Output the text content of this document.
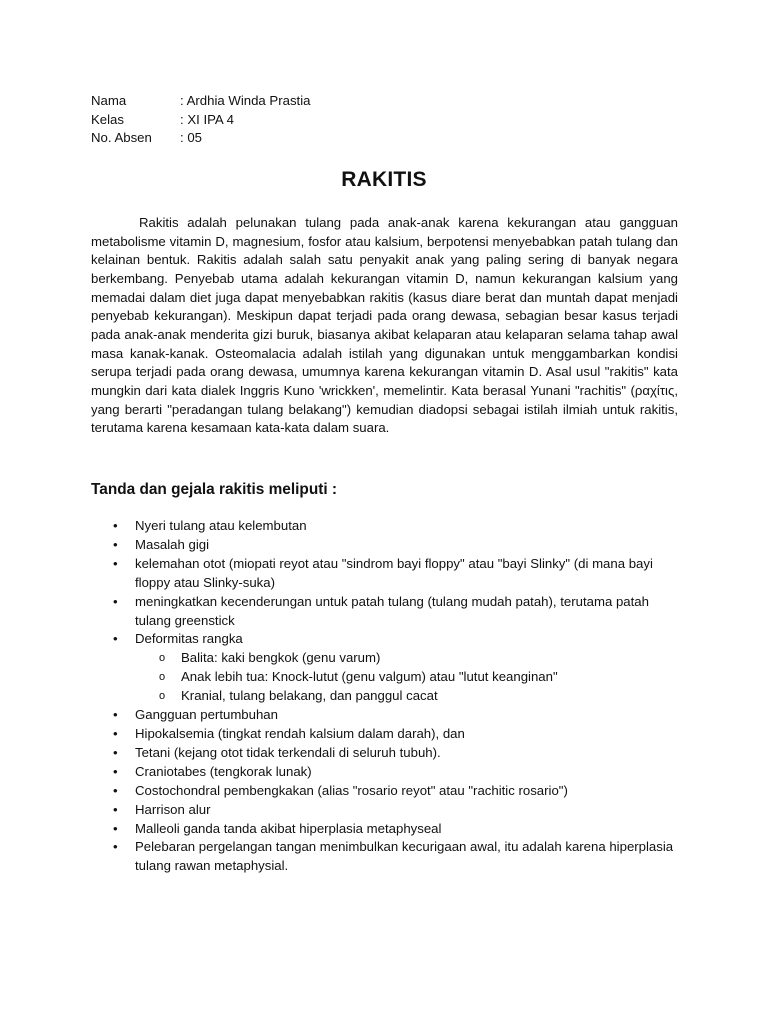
Nama	: Ardhia Winda Prastia
Kelas	: XI IPA 4
No. Absen	: 05
RAKITIS

Rakitis adalah pelunakan tulang pada anak-anak karena kekurangan atau gangguan metabolisme vitamin D, magnesium, fosfor atau kalsium, berpotensi menyebabkan patah tulang dan kelainan bentuk. Rakitis adalah salah satu penyakit anak yang paling sering di banyak negara berkembang. Penyebab utama adalah kekurangan vitamin D, namun kekurangan kalsium yang memadai dalam diet juga dapat menyebabkan rakitis (kasus diare berat dan muntah dapat menjadi penyebab kekurangan). Meskipun dapat terjadi pada orang dewasa, sebagian besar kasus terjadi pada anak-anak menderita gizi buruk, biasanya akibat kelaparan atau kelaparan selama tahap awal masa kanak-kanak. Osteomalacia adalah istilah yang digunakan untuk menggambarkan kondisi serupa terjadi pada orang dewasa, umumnya karena kekurangan vitamin D. Asal usul "rakitis" kata mungkin dari kata dialek Inggris Kuno 'wrickken', memelintir. Kata berasal Yunani "rachitis" (ραχίτις, yang berarti "peradangan tulang belakang") kemudian diadopsi sebagai istilah ilmiah untuk rakitis, terutama karena kesamaan kata-kata dalam suara.

Tanda dan gejala rakitis meliputi :
• Nyeri tulang atau kelembutan
• Masalah gigi
• kelemahan otot (miopati reyot atau "sindrom bayi floppy" atau "bayi Slinky" (di mana bayi floppy atau Slinky-suka)
• meningkatkan kecenderungan untuk patah tulang (tulang mudah patah), terutama patah tulang greenstick
• Deformitas rangka
o Balita: kaki bengkok (genu varum)
o Anak lebih tua: Knock-lutut (genu valgum) atau "lutut keanginan"
o Kranial, tulang belakang, dan panggul cacat
• Gangguan pertumbuhan
• Hipokalsemia (tingkat rendah kalsium dalam darah), dan
• Tetani (kejang otot tidak terkendali di seluruh tubuh).
• Craniotabes (tengkorak lunak)
• Costochondral pembengkakan (alias "rosario reyot" atau "rachitic rosario")
• Harrison alur
• Malleoli ganda tanda akibat hiperplasia metaphyseal
• Pelebaran pergelangan tangan menimbulkan kecurigaan awal, itu adalah karena hiperplasia tulang rawan metaphysial.
